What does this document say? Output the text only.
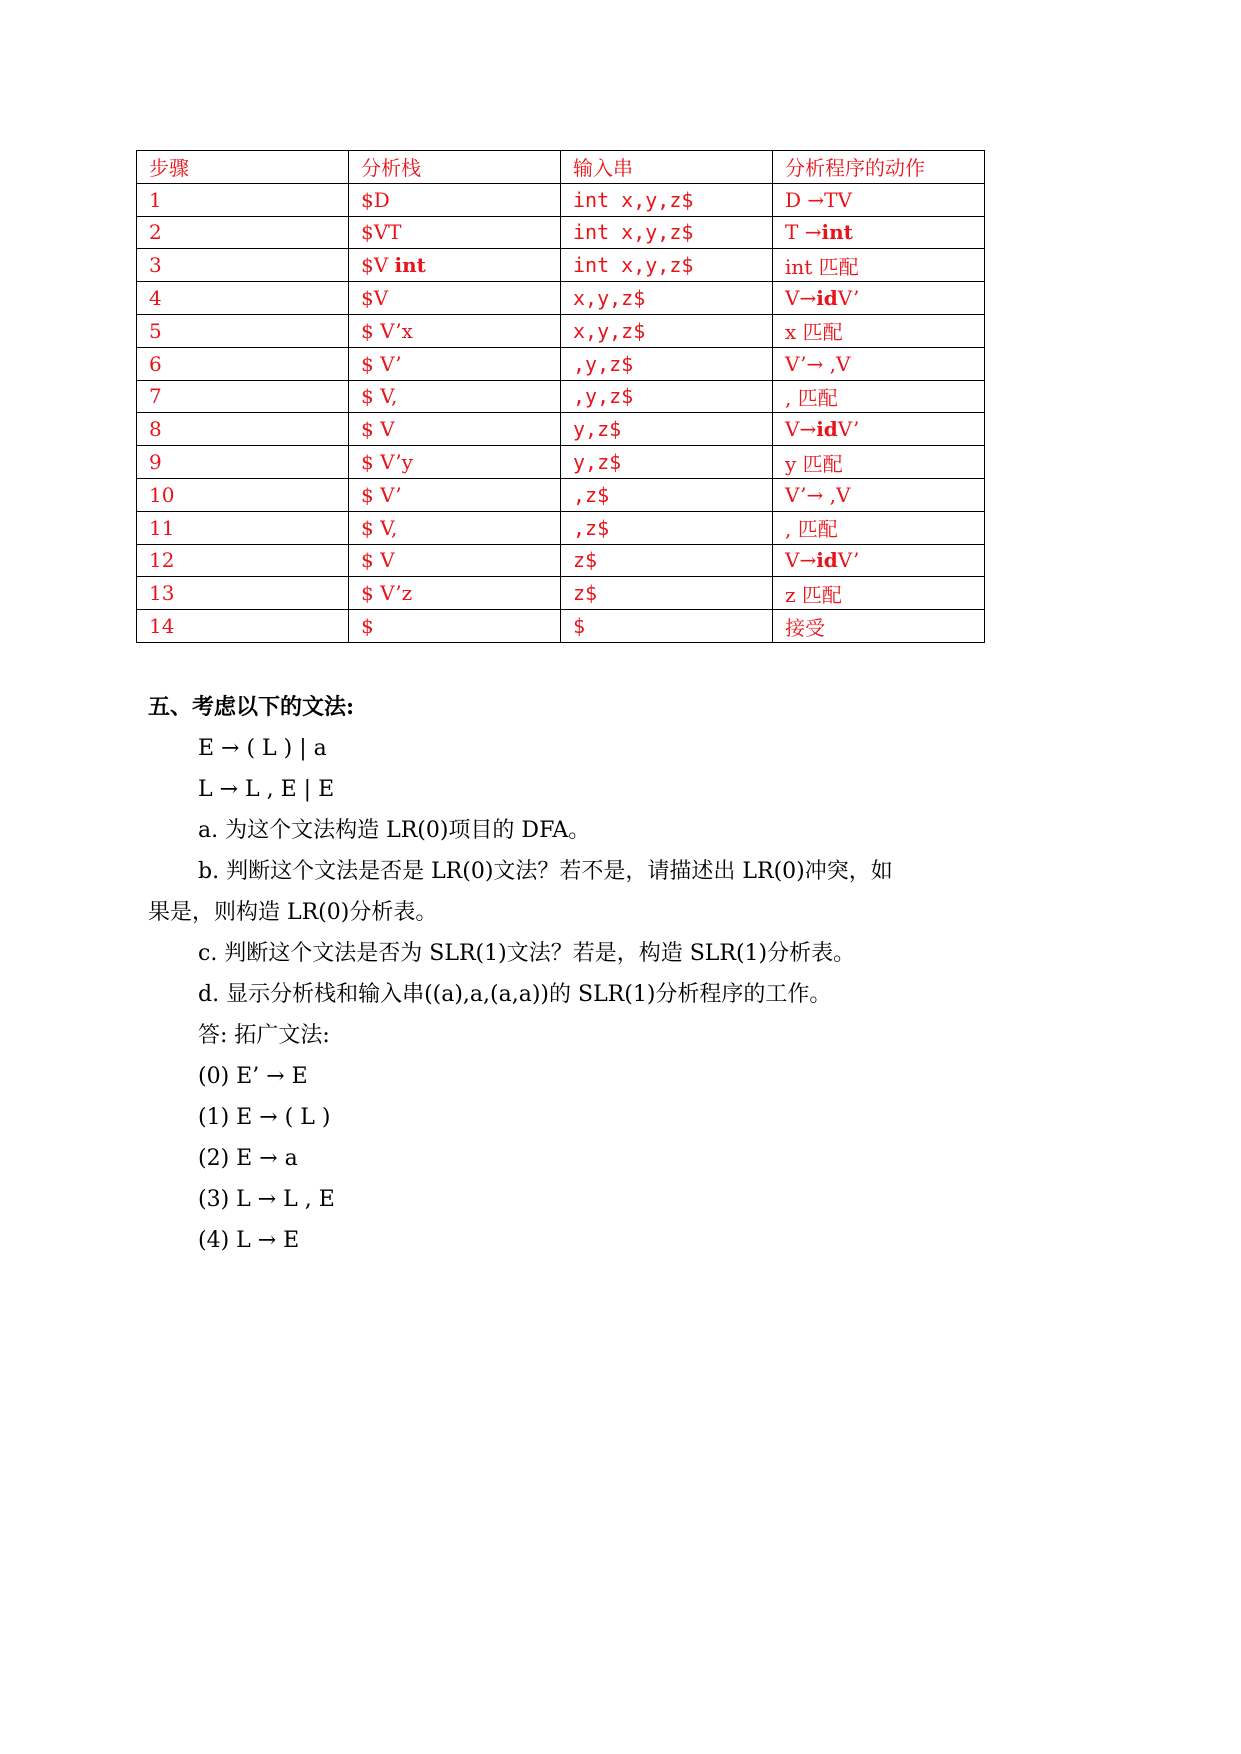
步骤	分析栈	输入串	分析程序的动作
1	$D	int x,y,z$	D →TV
2	$VT	int x,y,z$	T →int
3	$V int	int x,y,z$	int 匹配
4	$V	x,y,z$	V→idV’
5	$ V’x	x,y,z$	x 匹配
6	$ V’	,y,z$	V’→ ,V
7	$ V,	,y,z$	, 匹配
8	$ V	y,z$	V→idV’
9	$ V’y	y,z$	y 匹配
10	$ V’	,z$	V’→ ,V
11	$ V,	,z$	, 匹配
12	$ V	z$	V→idV’
13	$ V’z	z$	z 匹配
14	$	$	接受
五、考虑以下的文法:
E → ( L ) | a
L → L , E | E
a. 为这个文法构造 LR(0)项目的 DFA。
b. 判断这个文法是否是 LR(0)文法？若不是，请描述出 LR(0)冲突，如
果是，则构造 LR(0)分析表。
c. 判断这个文法是否为 SLR(1)文法？若是，构造 SLR(1)分析表。
d. 显示分析栈和输入串((a),a,(a,a))的 SLR(1)分析程序的工作。
答: 拓广文法:
(0) E’ → E
(1) E → ( L )
(2) E → a
(3) L → L , E
(4) L → E
